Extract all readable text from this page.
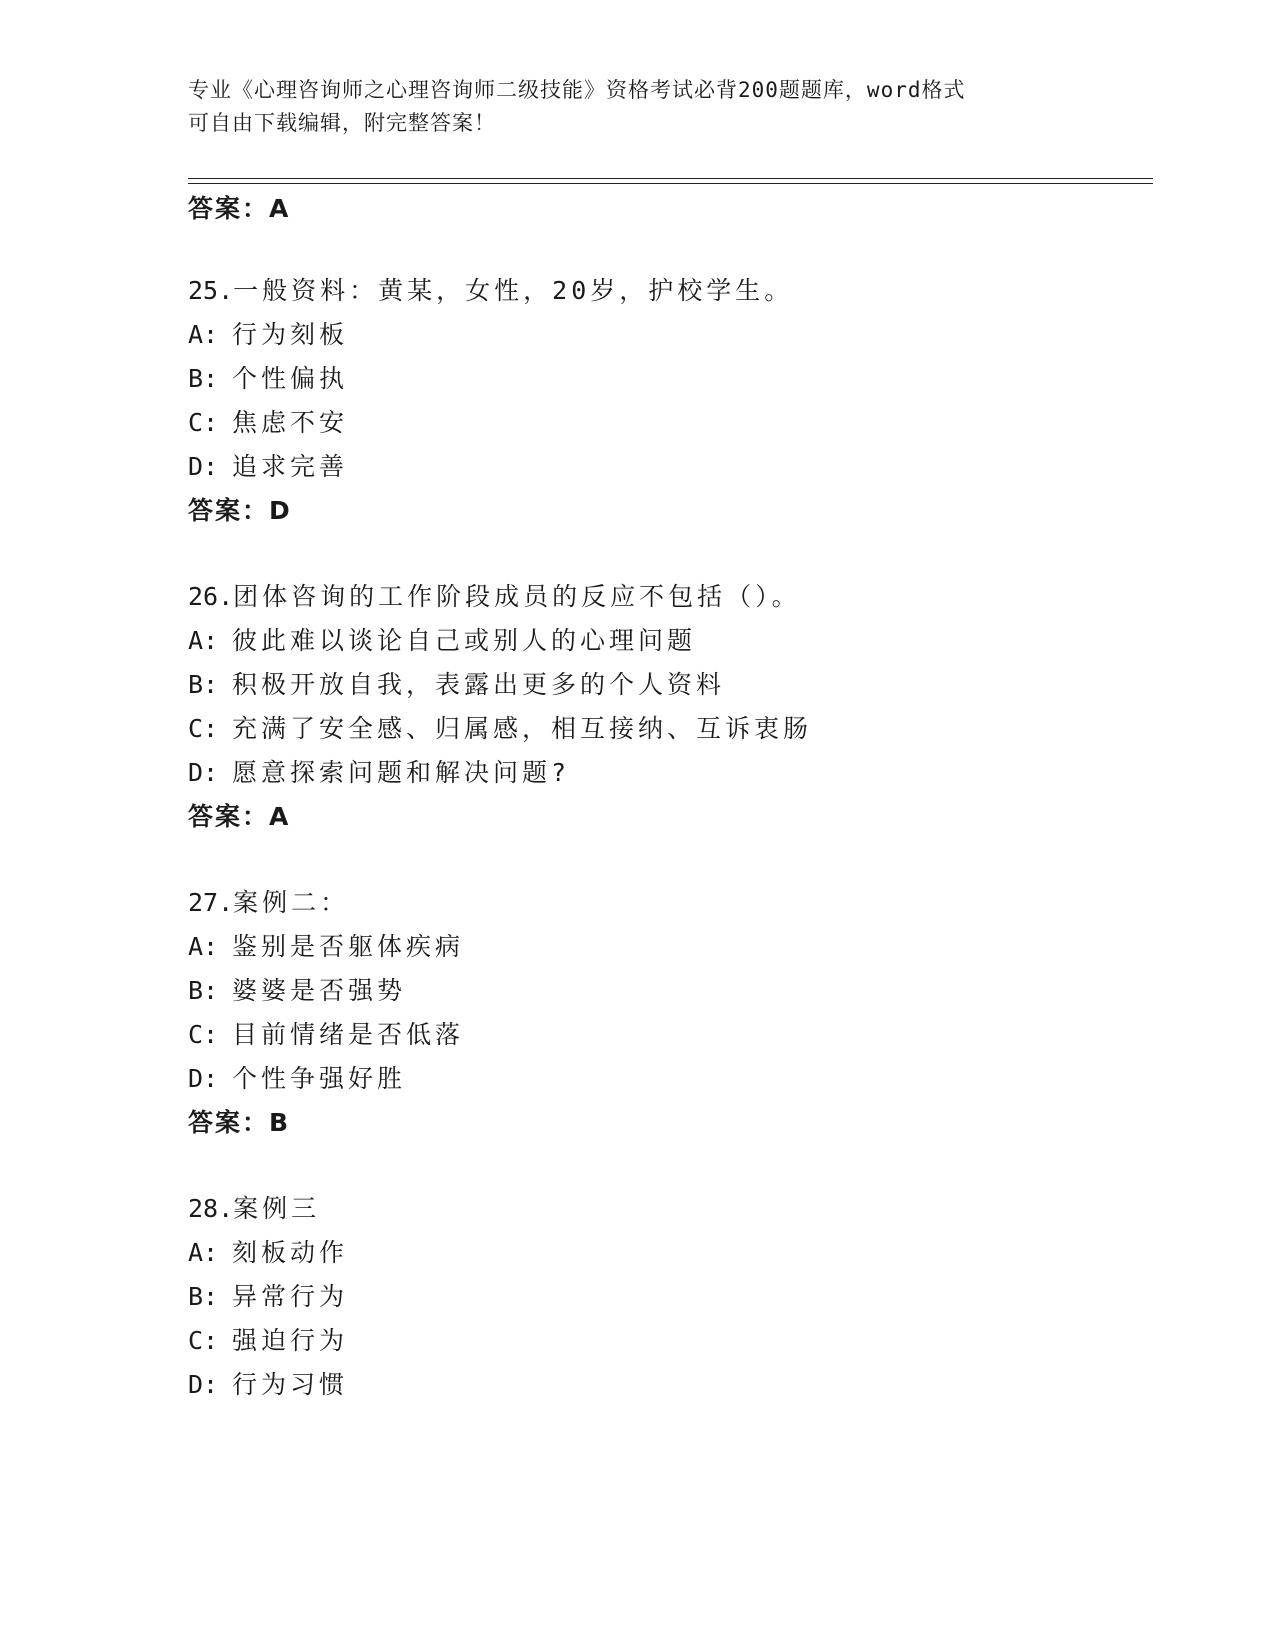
专业《心理咨询师之心理咨询师二级技能》资格考试必背200题题库，word格式
可自由下载编辑，附完整答案！
答案：A
25.一般资料：黄某，女性，20岁，护校学生。
A: 行为刻板
B: 个性偏执
C: 焦虑不安
D: 追求完善
答案：D
26.团体咨询的工作阶段成员的反应不包括（）。
A: 彼此难以谈论自己或别人的心理问题
B: 积极开放自我，表露出更多的个人资料
C: 充满了安全感、归属感，相互接纳、互诉衷肠
D: 愿意探索问题和解决问题?
答案：A
27.案例二：
A: 鉴别是否躯体疾病
B: 婆婆是否强势
C: 目前情绪是否低落
D: 个性争强好胜
答案：B
28.案例三
A: 刻板动作
B: 异常行为
C: 强迫行为
D: 行为习惯
